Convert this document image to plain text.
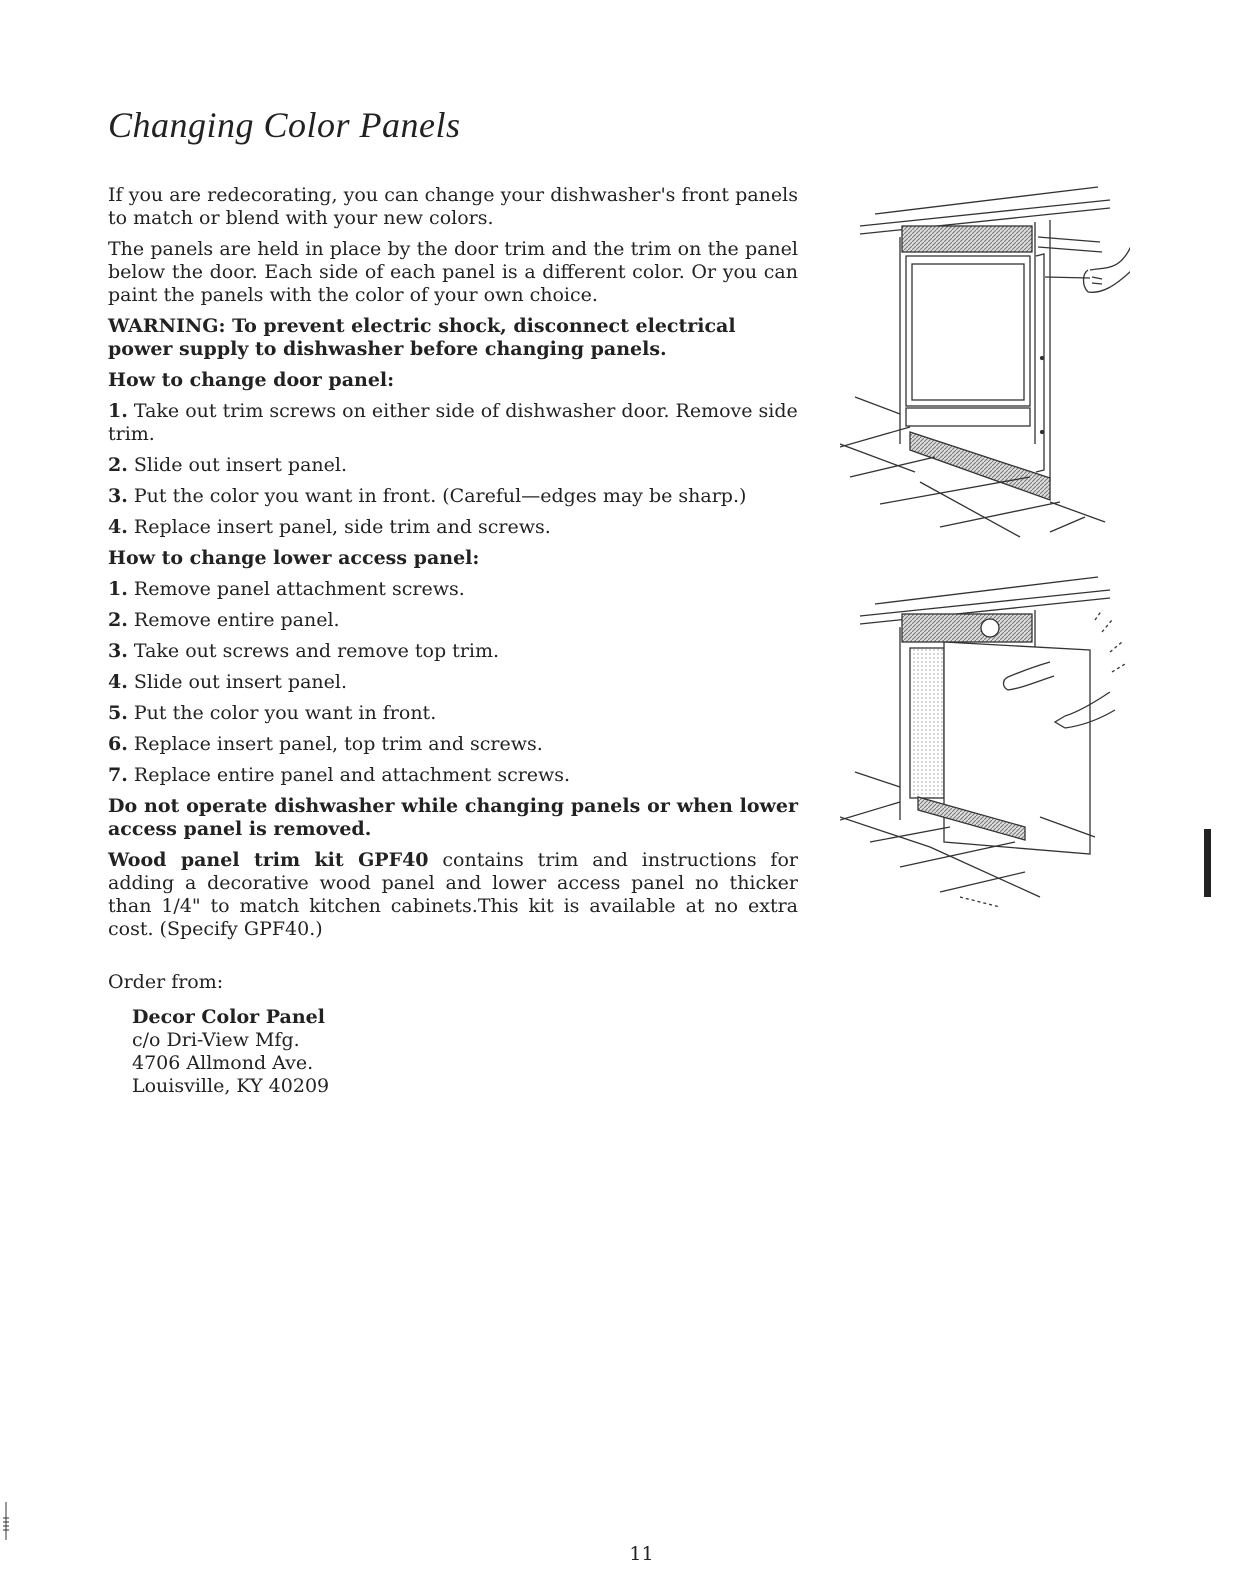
Changing Color Panels

If you are redecorating, you can change your dishwasher's front panels to match or blend with your new colors.

The panels are held in place by the door trim and the trim on the panel below the door. Each side of each panel is a different color. Or you can paint the panels with the color of your own choice.

WARNING: To prevent electric shock, disconnect electrical power supply to dishwasher before changing panels.

How to change door panel:

1. Take out trim screws on either side of dishwasher door. Remove side trim.

2. Slide out insert panel.

3. Put the color you want in front. (Careful—edges may be sharp.)

4. Replace insert panel, side trim and screws.

How to change lower access panel:

1. Remove panel attachment screws.

2. Remove entire panel.

3. Take out screws and remove top trim.

4. Slide out insert panel.

5. Put the color you want in front.

6. Replace insert panel, top trim and screws.

7. Replace entire panel and attachment screws.

Do not operate dishwasher while changing panels or when lower access panel is removed.

Wood panel trim kit GPF40 contains trim and instructions for adding a decorative wood panel and lower access panel no thicker than 1/4" to match kitchen cabinets.This kit is available at no extra cost. (Specify GPF40.)

Order from:

Decor Color Panel
c/o Dri-View Mfg.
4706 Allmond Ave.
Louisville, KY 40209
11
